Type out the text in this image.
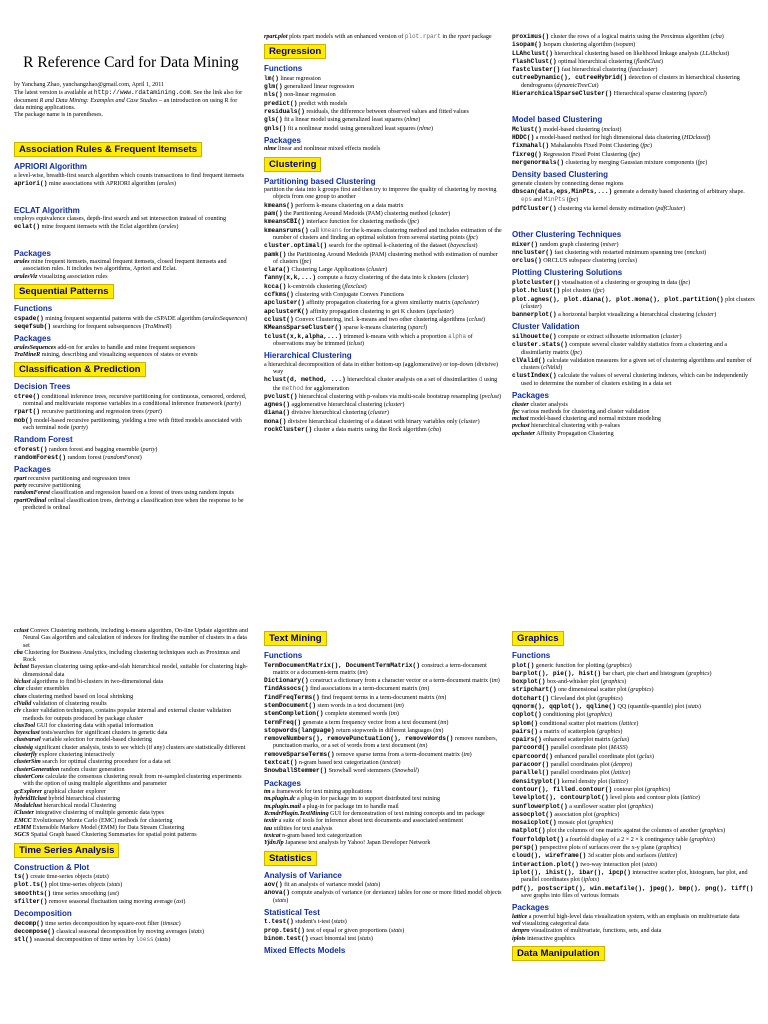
R Reference Card for Data Mining

by Yanchang Zhao, yanchangzhao@gmail.com, April 1, 2011

The latest version is available at http://www.rdatamining.com. See the link also for document R and Data Mining: Examples and Case Studies – an introduction on using R for data mining applications.

The package name is in parentheses.

Association Rules & Frequent Itemsets
APRIORI Algorithm

a level-wise, breadth-first search algorithm which counts transactions to find frequent itemsets

apriori() mine associations with APRIORI algorithm (arules)

ECLAT Algorithm

employs equivalence classes, depth-first search and set intersection instead of counting

eclat() mine frequent itemsets with the Eclat algorithm (arules)

Packages

arules mine frequent itemsets, maximal frequent itemsets, closed frequent itemsets and association rules. It includes two algorithms, Apriori and Eclat.

arulesViz visualizing association rules

Sequential Patterns
Functions

cspade() mining frequent sequential patterns with the cSPADE algorithm (arulesSequences)

seqefsub() searching for frequent subsequences (TraMineR)

Packages

arulesSequences add-on for arules to handle and mine frequent sequences

TraMineR mining, describing and visualizing sequences of states or events

Classification & Prediction
Decision Trees

ctree() conditional inference trees, recursive partitioning for continuous, censored, ordered, nominal and multivariate response variables in a conditional inference framework (party)

rpart() recursive partitioning and regression trees (rpart)

mob() model-based recursive partitioning, yielding a tree with fitted models associated with each terminal node (party)

Random Forest

cforest() random forest and bagging ensemble (party)

randomForest() random forest (randomForest)

Packages

rpart recursive partitioning and regression trees

party recursive partitioning

randomForest classification and regression based on a forest of trees using random inputs

rpartOrdinal ordinal classification trees, deriving a classification tree when the response to be predicted is ordinal

rpart.plot plots rpart models with an enhanced version of plot.rpart in the rpart package

Regression
Functions

lm() linear regression

glm() generalized linear regression

nls() non-linear regression

predict() predict with models

residuals() residuals, the difference between observed values and fitted values

gls() fit a linear model using generalized least squares (nlme)

gnls() fit a nonlinear model using generalized least squares (nlme)

Packages

nlme linear and nonlinear mixed effects models

Clustering
Partitioning based Clustering

partition the data into k groups first and then try to improve the quality of clustering by moving objects from one group to another

kmeans() perform k-means clustering on a data matrix

pam() the Partitioning Around Medoids (PAM) clustering method (cluster)

kmeansCBI() interface function for clustering methods (fpc)

kmeansruns() call kmeans for the k-means clustering method and includes estimation of the number of clusters and finding an optimal solution from several starting points (fpc)

cluster.optimal() search for the optimal k-clustering of the dataset (bayesclust)

pamk() the Partitioning Around Medoids (PAM) clustering method with estimation of number of clusters (fpc)

clara() Clustering Large Applications (cluster)

fanny(x,k,...) compute a fuzzy clustering of the data into k clusters (cluster)

kcca() k-centroids clustering (flexclust)

ccfkms() clustering with Conjugate Convex Functions

apcluster() affinity propagation clustering for a given similarity matrix (apcluster)

apclusterK() affinity propagation clustering to get K clusters (apcluster)

cclust() Convex Clustering, incl. k-means and two other clustering algorithms (cclust)

KMeansSparseCluster() sparse k-means clustering (sparcl)

tclust(x,k,alpha,...) trimmed k-means with which a proportion alpha of observations may be trimmed (tclust)

Hierarchical Clustering

a hierarchical decomposition of data in either bottom-up (agglomerative) or top-down (divisive) way

hclust(d, method, ...) hierarchical cluster analysis on a set of dissimilarities d using the method for agglomeration

pvclust() hierarchical clustering with p-values via multi-scale bootstrap resampling (pvclust)

agnes() agglomerative hierarchical clustering (cluster)

diana() divisive hierarchical clustering (cluster)

mona() divisive hierarchical clustering of a dataset with binary variables only (cluster)

rockCluster() cluster a data matrix using the Rock algorithm (cba)

proximus() cluster the rows of a logical matrix using the Proximus algorithm (cba)

isopam() Isopam clustering algorithm (isopam)

LLAhclust() hierarchical clustering based on likelihood linkage analysis (LLAhclust)

flashClust() optimal hierarchical clustering (flashClust)

fastcluster() fast hierarchical clustering (fastcluster)

cutreeDynamic(), cutreeHybrid() detection of clusters in hierarchical clustering dendrograms (dynamicTreeCut)

HierarchicalSparseCluster() Hierarchical sparse clustering (sparcl)

Model based Clustering

Mclust() model-based clustering (mclust)

HDDC() a model-based method for high dimensional data clustering (HDclassif)

fixmahal() Mahalanobis Fixed Point Clustering (fpc)

fixreg() Regression Fixed Point Clustering (fpc)

mergenormals() clustering by merging Gaussian mixture components (fpc)

Density based Clustering

generate clusters by connecting dense regions

dbscan(data,eps,MinPts,...) generate a density based clustering of arbitrary shape. eps and MinPts (fpc)

pdfCluster() clustering via kernel density estimation (pdfCluster)

Other Clustering Techniques

mixer() random graph clustering (mixer)

nncluster() fast clustering with restarted minimum spanning tree (nnclust)

orclus() ORCLUS subspace clustering (orclus)

Plotting Clustering Solutions

plotcluster() visualisation of a clustering or grouping in data (fpc)

plot.hclust() plot clusters (fpc)

plot.agnes(), plot.diana(), plot.mona(), plot.partition() plot clusters (cluster)

bannerplot() a horizontal barplot visualizing a hierarchical clustering (cluster)

Cluster Validation

silhouette() compute or extract silhouette information (cluster)

cluster.stats() compute several cluster validity statistics from a clustering and a dissimilarity matrix (fpc)

clValid() calculate validation measures for a given set of clustering algorithms and number of clusters (clValid)

clustIndex() calculate the values of several clustering indexes, which can be independently used to determine the number of clusters existing in a data set

Packages

cluster cluster analysis

fpc various methods for clustering and cluster validation

mclust model-based clustering and normal mixture modeling

pvclust hierarchical clustering with p-values

apcluster Affinity Propagation Clustering

cclust Convex Clustering methods, including k-means algorithm, On-line Update algorithm and Neural Gas algorithm and calculation of indexes for finding the number of clusters in a data set

cba Clustering for Business Analytics, including clustering techniques such as Proximus and Rock

bclust Bayesian clustering using spike-and-slab hierarchical model, suitable for clustering high-dimensional data

biclust algorithms to find bi-clusters in two-dimensional data

clue cluster ensembles

clues clustering method based on local shrinking

clValid validation of clustering results

clv cluster validation techniques, contains popular internal and external cluster validation methods for outputs produced by package cluster

clusTool GUI for clustering data with spatial information

bayesclust tests/searches for significant clusters in genetic data

clustvarsel variable selection for model-based clustering

clustsig significant cluster analysis, tests to see which (if any) clusters are statistically different

clusterfly explore clustering interactively

clusterSim search for optimal clustering procedure for a data set

clusterGeneration random cluster generation

clusterCons calculate the consensus clustering result from re-sampled clustering experiments with the option of using multiple algorithms and parameter

gcExplorer graphical cluster explorer

hybridHclust hybrid hierarchical clustering

Modalclust hierarchical modal Clustering

iCluster integrative clustering of multiple genomic data types

EMCC Evolutionary Monte Carlo (EMC) methods for clustering

rEMM Extensible Markov Model (EMM) for Data Stream Clustering

SGCS Spatial Graph based Clustering Summaries for spatial point patterns

Time Series Analysis
Construction & Plot

ts() create time-series objects (stats)

plot.ts() plot time-series objects (stats)

smoothts() time series smoothing (ast)

sfilter() remove seasonal fluctuation using moving average (ast)

Decomposition

decomp() time series decomposition by square-root filter (timsac)

decompose() classical seasonal decomposition by moving averages (stats)

stl() seasonal decomposition of time series by loess (stats)

Text Mining
Functions

TermDocumentMatrix(), DocumentTermMatrix() construct a term-document matrix or a document-term matrix (tm)

Dictionary() construct a dictionary from a character vector or a term-document matrix (tm)

findAssocs() find associations in a term-document matrix (tm)

findFreqTerms() find frequent terms in a term-document matrix (tm)

stemDocument() stem words in a text document (tm)

stemCompletion() complete stemmed words (tm)

termFreq() generate a term frequency vector from a text document (tm)

stopwords(language) return stopwords in different languages (tm)

removeNumbers(), removePunctuation(), removeWords() remove numbers, punctuation marks, or a set of words from a text document (tm)

removeSparseTerms() remove sparse terms from a term-document matrix (tm)

textcat() n-gram based text categorization (textcat)

SnowballStemmer() Snowball word stemmers (Snowball)

Packages

tm a framework for text mining applications

tm.plugin.dc a plug-in for package tm to support distributed text mining

tm.plugin.mail a plug-in for package tm to handle mail

RcmdrPlugin.TextMining GUI for demonstration of text mining concepts and tm package

textir a suite of tools for inference about text documents and associated sentiment

tau utilities for text analysis

textcat n-gram based text categorization

YjdnJlp Japanese text analysis by Yahoo! Japan Developer Network

Statistics
Analysis of Variance

aov() fit an analysis of variance model (stats)

anova() compute analysis of variance (or deviance) tables for one or more fitted model objects (stats)

Statistical Test

t.test() student's t-test (stats)

prop.test() test of equal or given proportions (stats)

binom.test() exact binomial test (stats)

Mixed Effects Models
Graphics
Functions

plot() generic function for plotting (graphics)

barplot(), pie(), hist() bar chart, pie chart and histogram (graphics)

boxplot() box-and-whisker plot (graphics)

stripchart() one dimensional scatter plot (graphics)

dotchart() Cleveland dot plot (graphics)

qqnorm(), qqplot(), qqline() QQ (quantile-quantile) plot (stats)

coplot() conditioning plot (graphics)

splom() conditional scatter plot matrices (lattice)

pairs() a matrix of scatterplots (graphics)

cpairs() enhanced scatterplot matrix (gclus)

parcoord() parallel coordinate plot (MASS)

cparcoord() enhanced parallel coordinate plot (gclus)

paracoor() parallel coordinates plot (denpro)

parallel() parallel coordinates plot (lattice)

densityplot() kernel density plot (lattice)

contour(), filled.contour() contour plot (graphics)

levelplot(), contourplot() level plots and contour plots (lattice)

sunflowerplot() a sunflower scatter plot (graphics)

assocplot() association plot (graphics)

mosaicplot() mosaic plot (graphics)

matplot() plot the columns of one matrix against the columns of another (graphics)

fourfoldplot() a fourfold display of a 2 × 2 × k contingency table (graphics)

persp() perspective plots of surfaces over the x-y plane (graphics)

cloud(), wireframe() 3d scatter plots and surfaces (lattice)

interaction.plot() two-way interaction plot (stats)

iplot(), ihist(), ibar(), ipcp() interactive scatter plot, histogram, bar plot, and parallel coordinates plot (iplots)

pdf(), postscript(), win.metafile(), jpeg(), bmp(), png(), tiff() save graphs into files of various formats

Packages

lattice a powerful high-level data visualization system, with an emphasis on multivariate data

vcd visualizing categorical data

denpro visualization of multivariate, functions, sets, and data

iplots interactive graphics

Data Manipulation
